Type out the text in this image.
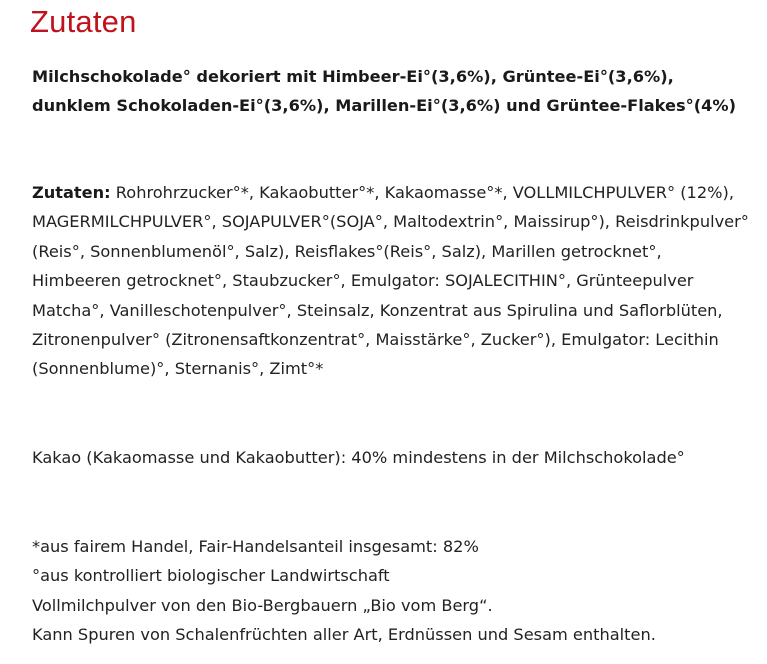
Zutaten

Milchschokolade° dekoriert mit Himbeer-Ei°(3,6%), Grüntee-Ei°(3,6%), dunklem Schokoladen-Ei°(3,6%), Marillen-Ei°(3,6%) und Grüntee-Flakes°(4%)

Zutaten: Rohrohrzucker°*, Kakaobutter°*, Kakaomasse°*, VOLLMILCHPULVER° (12%), MAGERMILCHPULVER°, SOJAPULVER°(SOJA°, Maltodextrin°, Maissirup°), Reisdrinkpulver°(Reis°, Sonnenblumenöl°, Salz), Reisflakes°(Reis°, Salz), Marillen getrocknet°, Himbeeren getrocknet°, Staubzucker°, Emulgator: SOJALECITHIN°, Grünteepulver Matcha°, Vanilleschotenpulver°, Steinsalz, Konzentrat aus Spirulina und Saflorblüten, Zitronenpulver° (Zitronensaftkonzentrat°, Maisstärke°, Zucker°), Emulgator: Lecithin (Sonnenblume)°, Sternanis°, Zimt°*

Kakao (Kakaomasse und Kakaobutter): 40% mindestens in der Milchschokolade°

*aus fairem Handel, Fair-Handelsanteil insgesamt: 82%
°aus kontrolliert biologischer Landwirtschaft
Vollmilchpulver von den Bio-Bergbauern „Bio vom Berg“.
Kann Spuren von Schalenfrüchten aller Art, Erdnüssen und Sesam enthalten.
